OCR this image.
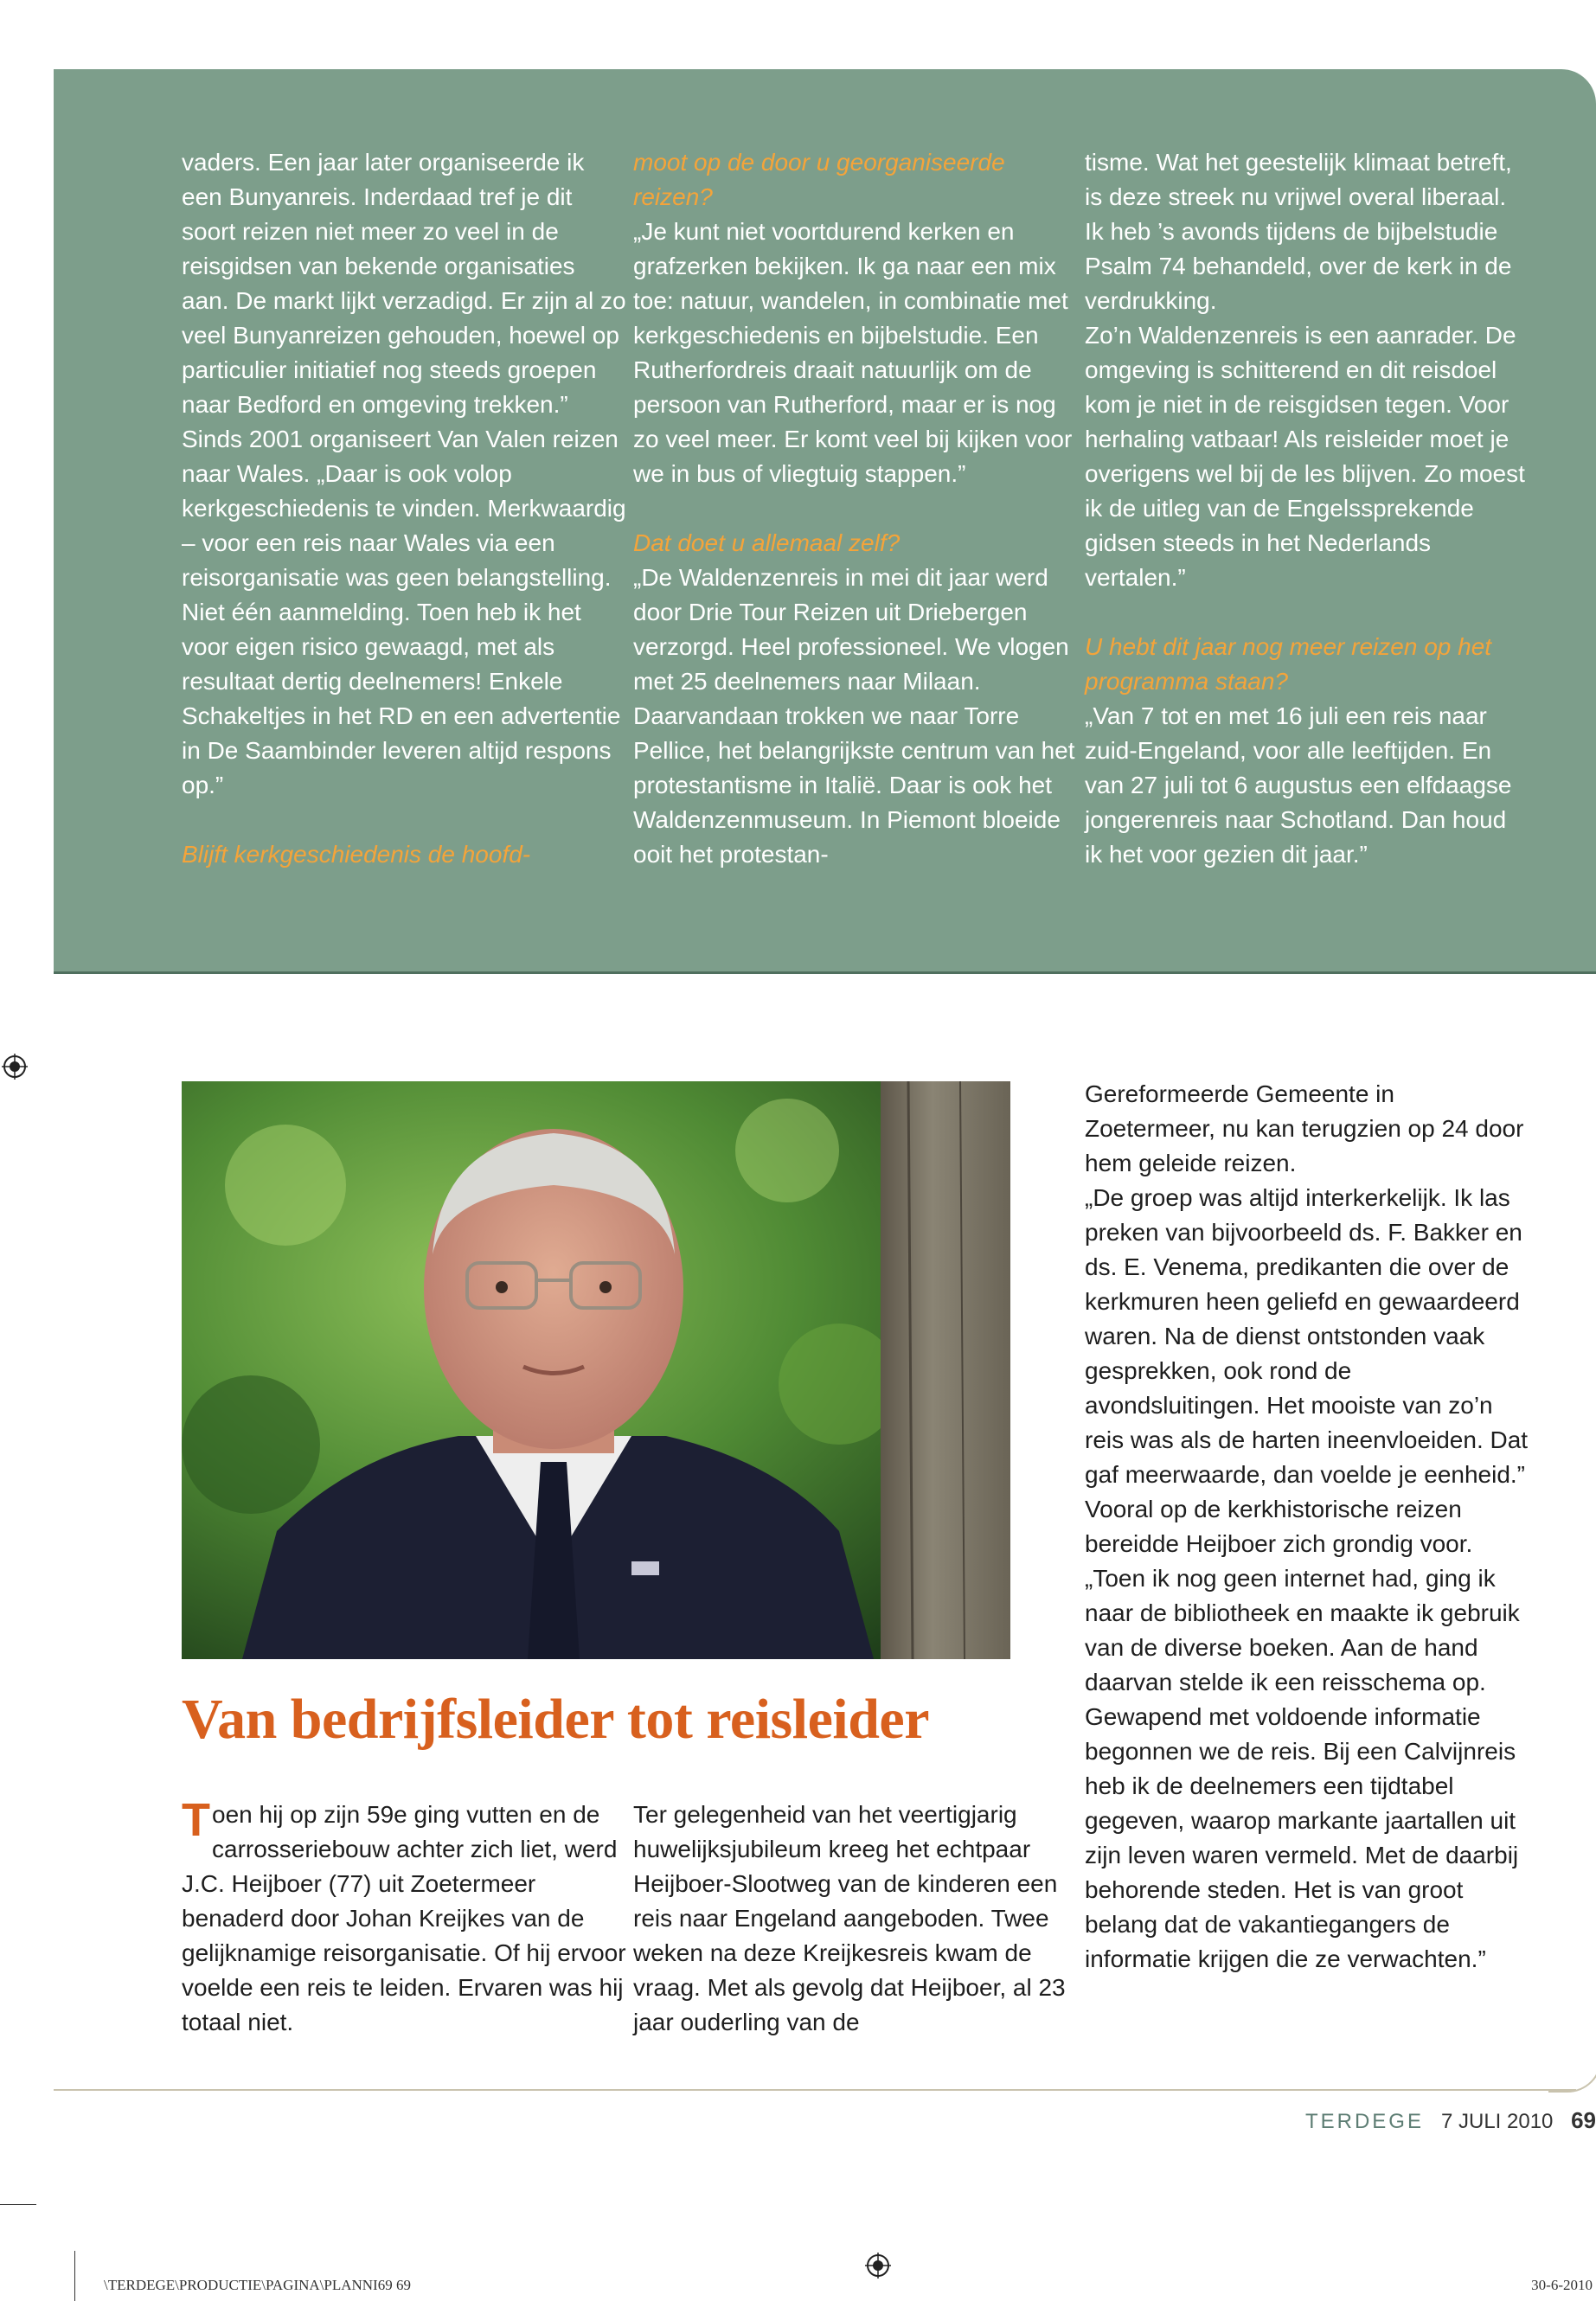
vaders. Een jaar later organiseerde ik een Bunyanreis. Inderdaad tref je dit soort reizen niet meer zo veel in de reisgidsen van bekende organisaties aan. De markt lijkt verzadigd. Er zijn al zo veel Bunyanreizen gehouden, hoewel op particulier initiatief nog steeds groepen naar Bedford en omgeving trekken.”

Sinds 2001 organiseert Van Valen reizen naar Wales. „Daar is ook volop kerkgeschiedenis te vinden. Merkwaardig – voor een reis naar Wales via een reisorganisatie was geen belangstelling. Niet één aanmelding. Toen heb ik het voor eigen risico gewaagd, met als resultaat dertig deelnemers! Enkele Schakeltjes in het RD en een advertentie in De Saambinder leveren altijd respons op.”

Blijft kerkgeschiedenis de hoofd-

moot op de door u georganiseerde reizen?

„Je kunt niet voortdurend kerken en grafzerken bekijken. Ik ga naar een mix toe: natuur, wandelen, in combinatie met kerkgeschiedenis en bijbelstudie. Een Rutherfordreis draait natuurlijk om de persoon van Rutherford, maar er is nog zo veel meer. Er komt veel bij kijken voor we in bus of vliegtuig stappen.”

Dat doet u allemaal zelf?

„De Waldenzenreis in mei dit jaar werd door Drie Tour Reizen uit Driebergen verzorgd. Heel professioneel. We vlogen met 25 deelnemers naar Milaan. Daarvandaan trokken we naar Torre Pellice, het belangrijkste centrum van het protestantisme in Italië. Daar is ook het Waldenzenmuseum. In Piemont bloeide ooit het protestan-

tisme. Wat het geestelijk klimaat betreft, is deze streek nu vrijwel overal liberaal. Ik heb ’s avonds tijdens de bijbelstudie Psalm 74 behandeld, over de kerk in de verdrukking.

Zo’n Waldenzenreis is een aanrader. De omgeving is schitterend en dit reisdoel kom je niet in de reisgidsen tegen. Voor herhaling vatbaar! Als reisleider moet je overigens wel bij de les blijven. Zo moest ik de uitleg van de Engelssprekende gidsen steeds in het Nederlands vertalen.”

U hebt dit jaar nog meer reizen op het programma staan?

„Van 7 tot en met 16 juli een reis naar zuid-Engeland, voor alle leeftijden. En van 27 juli tot 6 augustus een elfdaagse jongerenreis naar Schotland. Dan houd ik het voor gezien dit jaar.”

Van bedrijfsleider tot reisleider

Toen hij op zijn 59e ging vutten en de carrosseriebouw achter zich liet, werd J.C. Heijboer (77) uit Zoetermeer benaderd door Johan Kreijkes van de gelijknamige reisorganisatie. Of hij ervoor voelde een reis te leiden. Ervaren was hij totaal niet.

Ter gelegenheid van het veertigjarig huwelijksjubileum kreeg het echtpaar Heijboer-Slootweg van de kinderen een reis naar Engeland aangeboden. Twee weken na deze Kreijkesreis kwam de vraag. Met als gevolg dat Heijboer, al 23 jaar ouderling van de

Gereformeerde Gemeente in Zoetermeer, nu kan terugzien op 24 door hem geleide reizen.

„De groep was altijd interkerkelijk. Ik las preken van bijvoorbeeld ds. F. Bakker en ds. E. Venema, predikanten die over de kerkmuren heen geliefd en gewaardeerd waren. Na de dienst ontstonden vaak gesprekken, ook rond de avondsluitingen. Het mooiste van zo’n reis was als de harten ineenvloeiden. Dat gaf meerwaarde, dan voelde je eenheid.”

Vooral op de kerkhistorische reizen bereidde Heijboer zich grondig voor. „Toen ik nog geen internet had, ging ik naar de bibliotheek en maakte ik gebruik van de diverse boeken. Aan de hand daarvan stelde ik een reisschema op. Gewapend met voldoende informatie begonnen we de reis. Bij een Calvijnreis heb ik de deelnemers een tijdtabel gegeven, waarop markante jaartallen uit zijn leven waren vermeld. Met de daarbij behorende steden. Het is van groot belang dat de vakantiegangers de informatie krijgen die ze verwachten.”

TERDEGE 7 JULI 2010 69
\TERDEGE\PRODUCTIE\PAGINA\PLANNI69 69	30-6-2010
